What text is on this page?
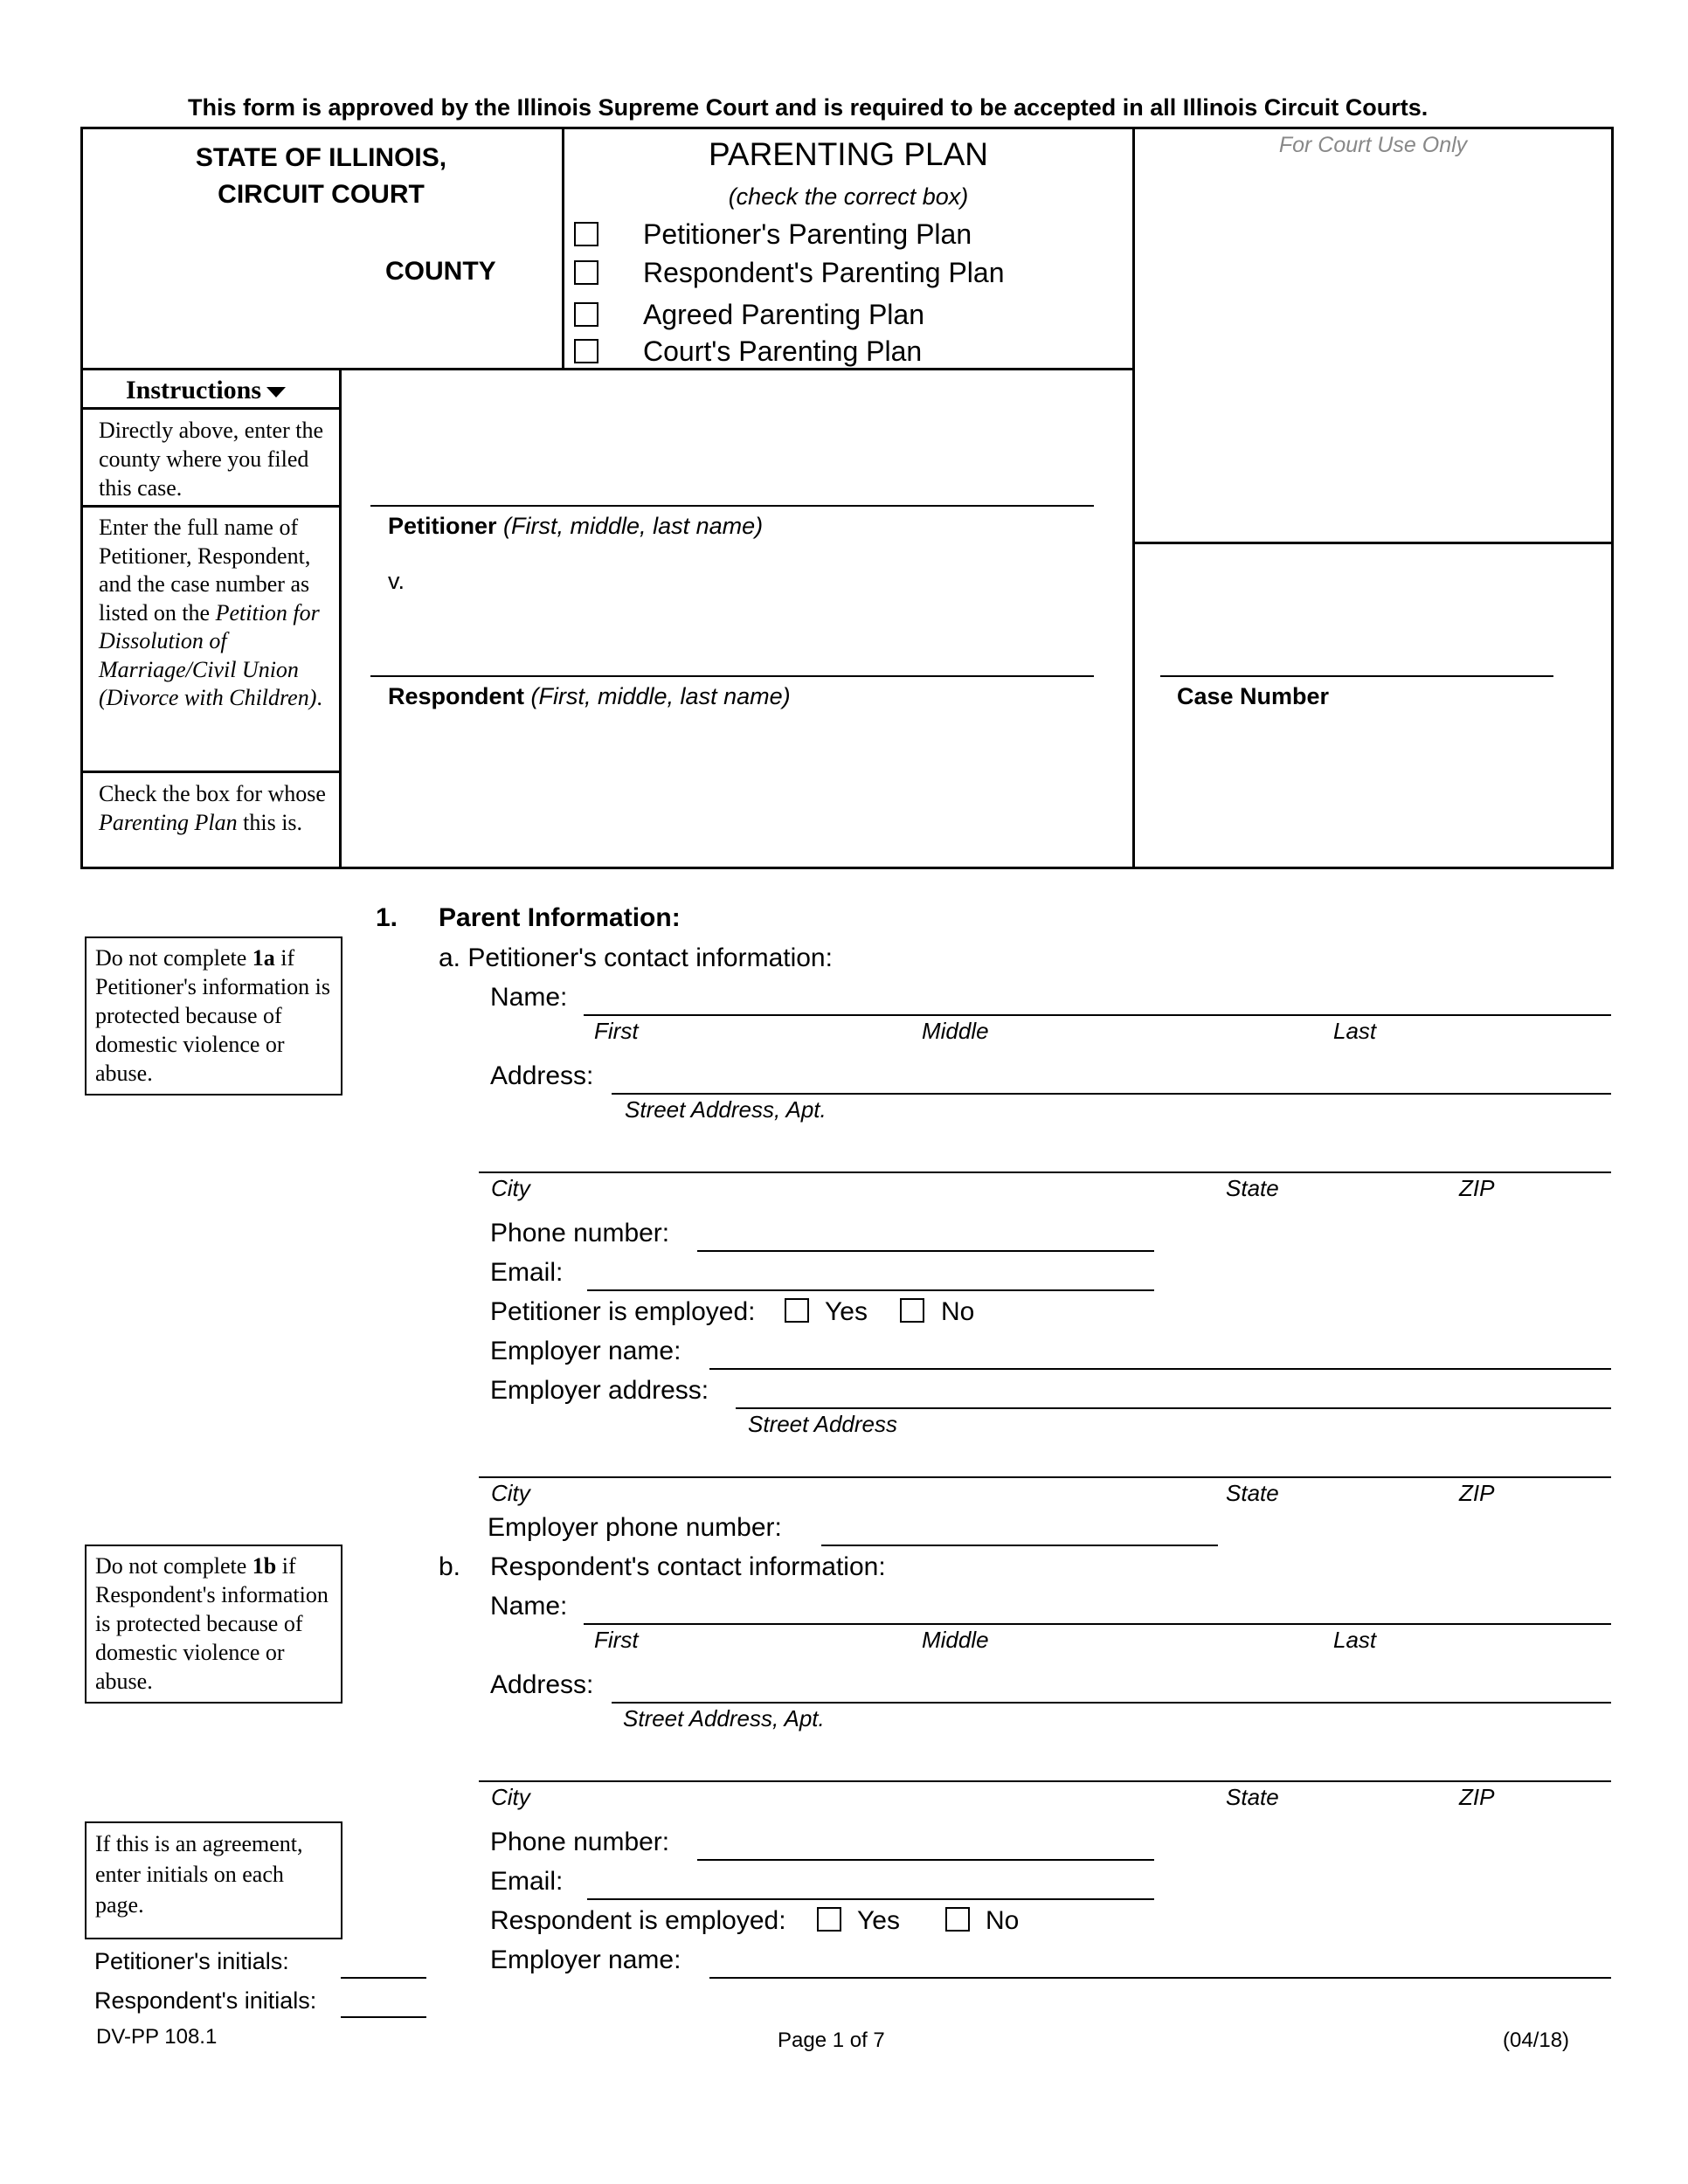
This form is approved by the Illinois Supreme Court and is required to be accepted in all Illinois Circuit Courts.
STATE OF ILLINOIS,
CIRCUIT COURT
COUNTY
PARENTING PLAN
(check the correct box)
Petitioner's Parenting Plan
Respondent's Parenting Plan
Agreed Parenting Plan
Court's Parenting Plan
For Court Use Only
Instructions
Directly above, enter the county where you filed this case.
Enter the full name of Petitioner, Respondent, and the case number as listed on the Petition for Dissolution of Marriage/Civil Union (Divorce with Children).
Check the box for whose Parenting Plan this is.
Petitioner (First, middle, last name)
v.
Respondent (First, middle, last name)	Case Number
1. Parent Information:
a. Petitioner's contact information:
Do not complete 1a if Petitioner's information is protected because of domestic violence or abuse.
Do not complete 1b if Respondent's information is protected because of domestic violence or abuse.
If this is an agreement, enter initials on each page.
Name:
First	Middle	Last
Address:
Street Address, Apt.
City	State	ZIP
Phone number:
Email:
Petitioner is employed:	Yes	No
Employer name:
Employer address:
Street Address
City	State	ZIP
Employer phone number:
b. Respondent's contact information:
Name:
First	Middle	Last
Address:
Street Address, Apt.
City	State	ZIP
Phone number:
Email:
Respondent is employed:	Yes	No
Employer name:
Petitioner's initials:
Respondent's initials:
DV-PP 108.1	Page 1 of 7	(04/18)
